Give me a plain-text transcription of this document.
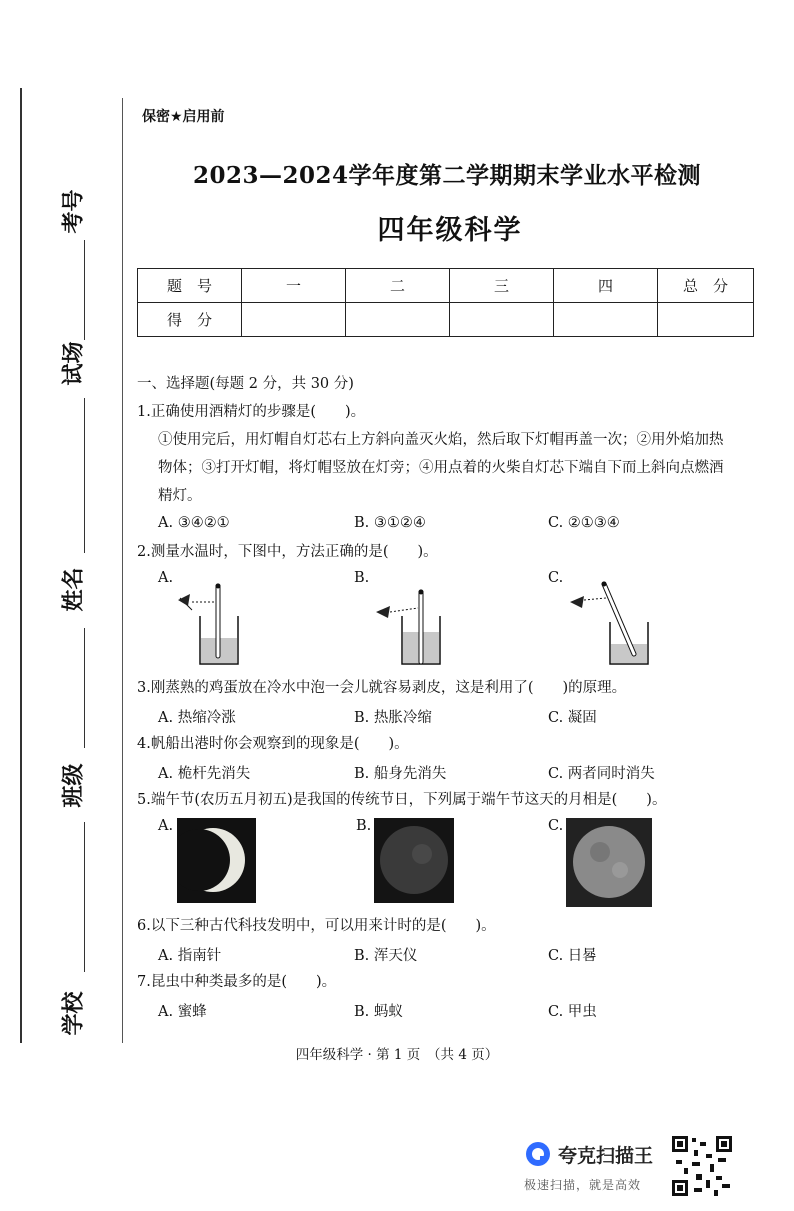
考号
试场
姓名
班级
学校
保密★启用前
2023—2024学年度第二学期期末学业水平检测
四年级科学
题　号	一	二	三	四	总　分
得　分					
一、选择题(每题 2 分，共 30 分)
1.正确使用酒精灯的步骤是(　　)。
①使用完后，用灯帽自灯芯右上方斜向盖灭火焰，然后取下灯帽再盖一次；②用外焰加热
物体；③打开灯帽，将灯帽竖放在灯旁；④用点着的火柴自灯芯下端自下而上斜向点燃酒
精灯。
A. ③④②①	B. ③①②④	C. ②①③④
2.测量水温时，下图中，方法正确的是(　　)。
A.	B.	C.
3.刚蒸熟的鸡蛋放在冷水中泡一会儿就容易剥皮，这是利用了(　　)的原理。
A. 热缩冷涨	B. 热胀冷缩	C. 凝固
4.帆船出港时你会观察到的现象是(　　)。
A. 桅杆先消失	B. 船身先消失	C. 两者同时消失
5.端午节(农历五月初五)是我国的传统节日，下列属于端午节这天的月相是(　　)。
A.	B.	C.
6.以下三种古代科技发明中，可以用来计时的是(　　)。
A. 指南针	B. 浑天仪	C. 日晷
7.昆虫中种类最多的是(　　)。
A. 蜜蜂	B. 蚂蚁	C. 甲虫
四年级科学 · 第 1 页　（共 4 页）
夸克扫描王
极速扫描，就是高效
